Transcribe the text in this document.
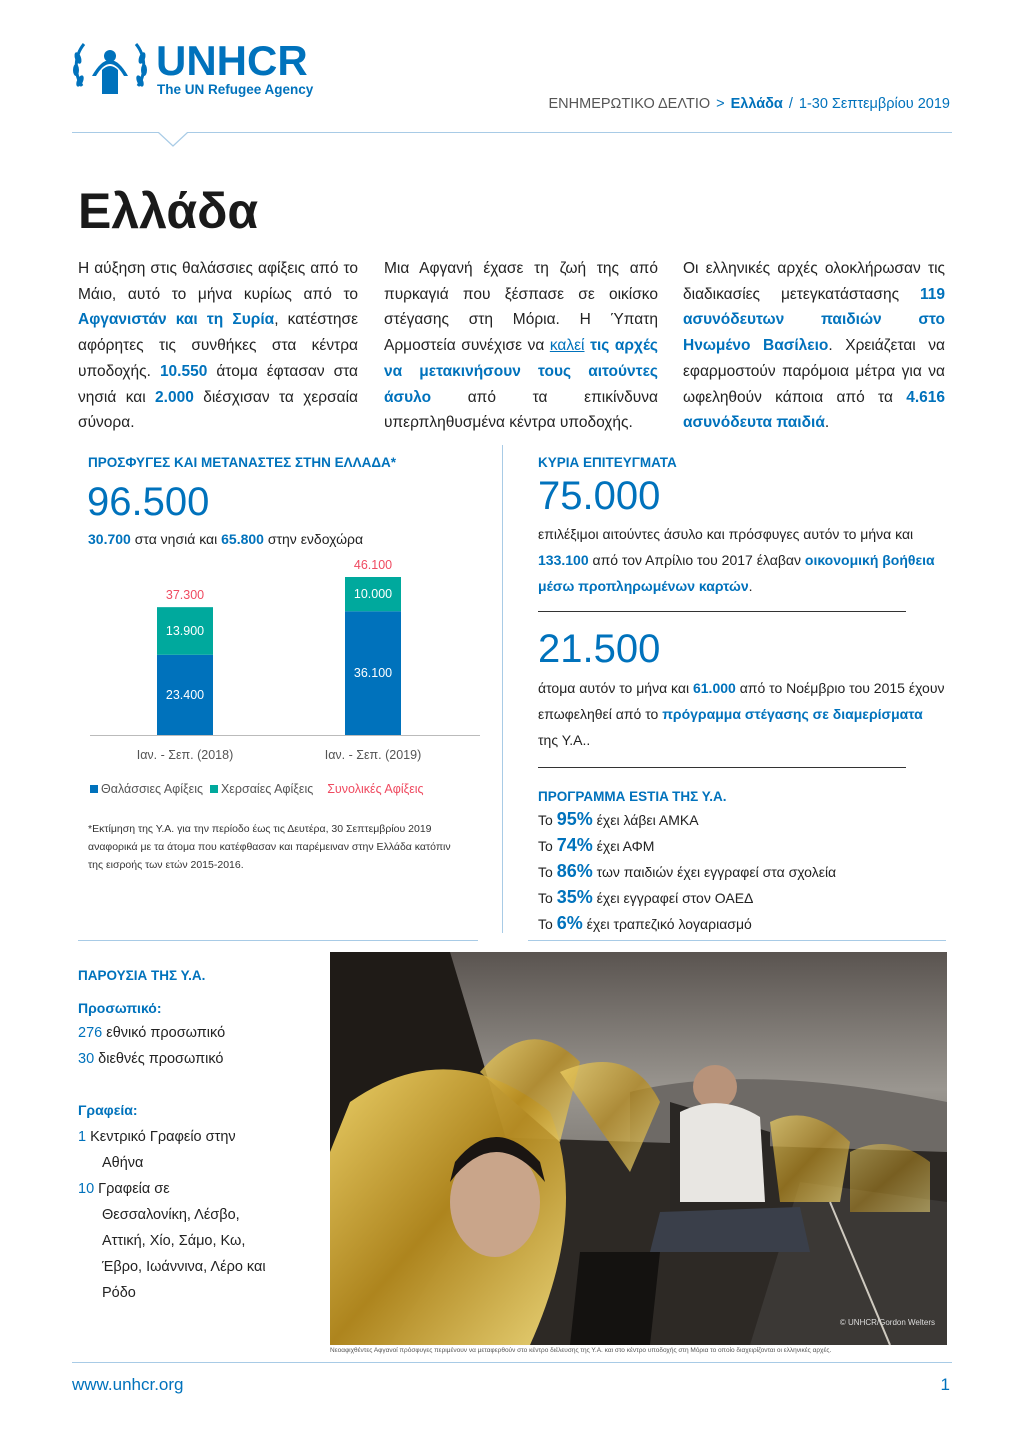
UNHCR
The UN Refugee Agency
ΕΝΗΜΕΡΩΤΙΚΟ ΔΕΛΤΙΟ > Ελλάδα / 1-30 Σεπτεμβρίου 2019
Ελλάδα

Η αύξηση στις θαλάσσιες αφίξεις από το Μάιο, αυτό το μήνα κυρίως από το Αφγανιστάν και τη Συρία, κατέστησε αφόρητες τις συνθήκες στα κέντρα υποδοχής. 10.550 άτομα έφτασαν στα νησιά και 2.000 διέσχισαν τα χερσαία σύνορα.

Μια Αφγανή έχασε τη ζωή της από πυρκαγιά που ξέσπασε σε οικίσκο στέγασης στη Μόρια. Η Ύπατη Αρμοστεία συνέχισε να καλεί τις αρχές να μετακινήσουν τους αιτούντες άσυλο από τα επικίνδυνα υπερπληθυσμένα κέντρα υποδοχής.

Οι ελληνικές αρχές ολοκλήρωσαν τις διαδικασίες μετεγκατάστασης 119 ασυνόδευτων παιδιών στο Ηνωμένο Βασίλειο. Χρειάζεται να εφαρμοστούν παρόμοια μέτρα για να ωφεληθούν κάποια από τα 4.616 ασυνόδευτα παιδιά.

ΠΡΟΣΦΥΓΕΣ ΚΑΙ ΜΕΤΑΝΑΣΤΕΣ ΣΤΗΝ ΕΛΛΑΔΑ*
96.500
30.700 στα νησιά και 65.800 στην ενδοχώρα
23.400
13.900
37.300
Ιαν. - Σεπ. (2018)
36.100
10.000
46.100
Ιαν. - Σεπ. (2019)
Θαλάσσιες Αφίξεις Χερσαίες Αφίξεις Συνολικές Αφίξεις

*Εκτίμηση της Υ.Α. για την περίοδο έως τις Δευτέρα, 30 Σεπτεμβρίου 2019 αναφορικά με τα άτομα που κατέφθασαν και παρέμειναν στην Ελλάδα κατόπιν της εισροής των ετών 2015-2016.

ΚΥΡΙΑ ΕΠΙΤΕΥΓΜΑΤΑ
75.000

επιλέξιμοι αιτούντες άσυλο και πρόσφυγες αυτόν το μήνα και 133.100 από τον Απρίλιο του 2017 έλαβαν οικονομική βοήθεια μέσω προπληρωμένων καρτών.

21.500

άτομα αυτόν το μήνα και 61.000 από το Νοέμβριο του 2015 έχουν επωφεληθεί από το πρόγραμμα στέγασης σε διαμερίσματα της Υ.Α..

ΠΡΟΓΡΑΜΜΑ ESTIA ΤΗΣ Υ.Α.
Το 95% έχει λάβει ΑΜΚΑ
Το 74% έχει ΑΦΜ
Το 86% των παιδιών έχει εγγραφεί στα σχολεία
Το 35% έχει εγγραφεί στον ΟΑΕΔ
Το 6% έχει τραπεζικό λογαριασμό
ΠΑΡΟΥΣΙΑ ΤΗΣ Υ.Α.
Προσωπικό:
276 εθνικό προσωπικό
30 διεθνές προσωπικό
Γραφεία:
1 Κεντρικό Γραφείο στην
Αθήνα
10 Γραφεία σε
Θεσσαλονίκη, Λέσβο, Αττική, Χίο, Σάμο, Κω, Έβρο, Ιωάννινα, Λέρο και Ρόδο
© UNHCR/Gordon Welters
Νεοαφιχθέντες Αφγανοί πρόσφυγες περιμένουν να μεταφερθούν στο κέντρο διέλευσης της Υ.Α. και στο κέντρο υποδοχής στη Μόρια το οποίο διαχειρίζονται οι ελληνικές αρχές.
www.unhcr.org	1
